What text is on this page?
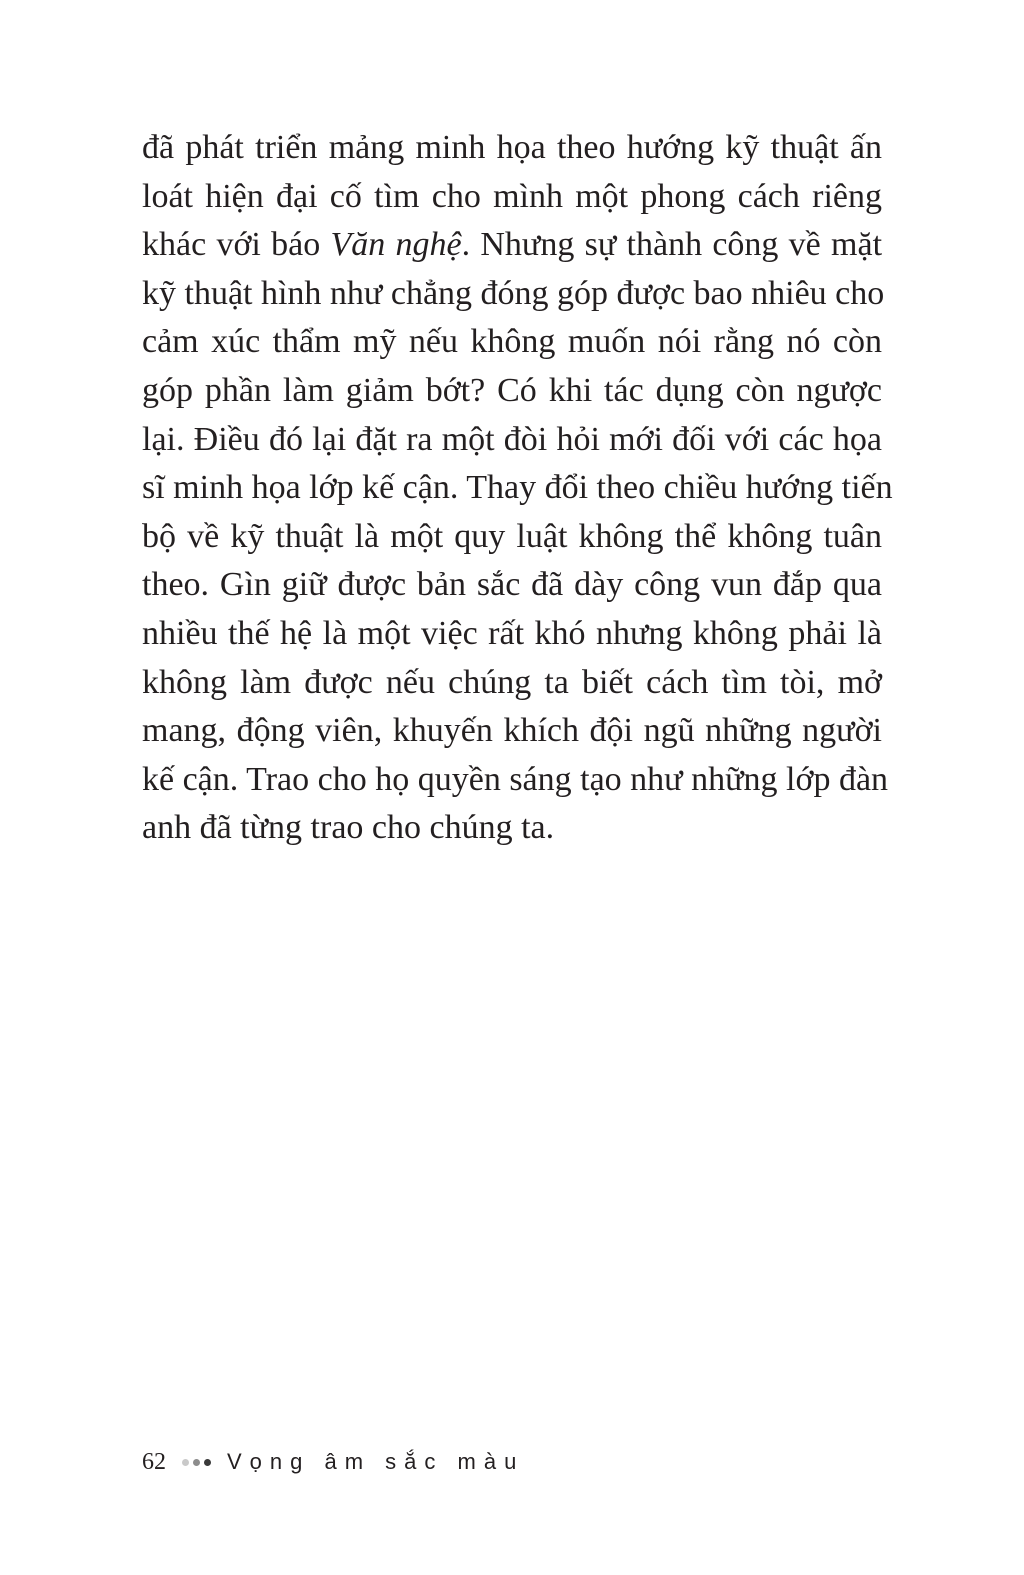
đã phát triển mảng minh họa theo hướng kỹ thuật ấn
loát hiện đại cố tìm cho mình một phong cách riêng
khác với báo Văn nghệ. Nhưng sự thành công về mặt
kỹ thuật hình như chẳng đóng góp được bao nhiêu cho
cảm xúc thẩm mỹ nếu không muốn nói rằng nó còn
góp phần làm giảm bớt? Có khi tác dụng còn ngược
lại. Điều đó lại đặt ra một đòi hỏi mới đối với các họa
sĩ minh họa lớp kế cận. Thay đổi theo chiều hướng tiến
bộ về kỹ thuật là một quy luật không thể không tuân
theo. Gìn giữ được bản sắc đã dày công vun đắp qua
nhiều thế hệ là một việc rất khó nhưng không phải là
không làm được nếu chúng ta biết cách tìm tòi, mở
mang, động viên, khuyến khích đội ngũ những người
kế cận. Trao cho họ quyền sáng tạo như những lớp đàn
anh đã từng trao cho chúng ta.
62	Vọng âm sắc màu
